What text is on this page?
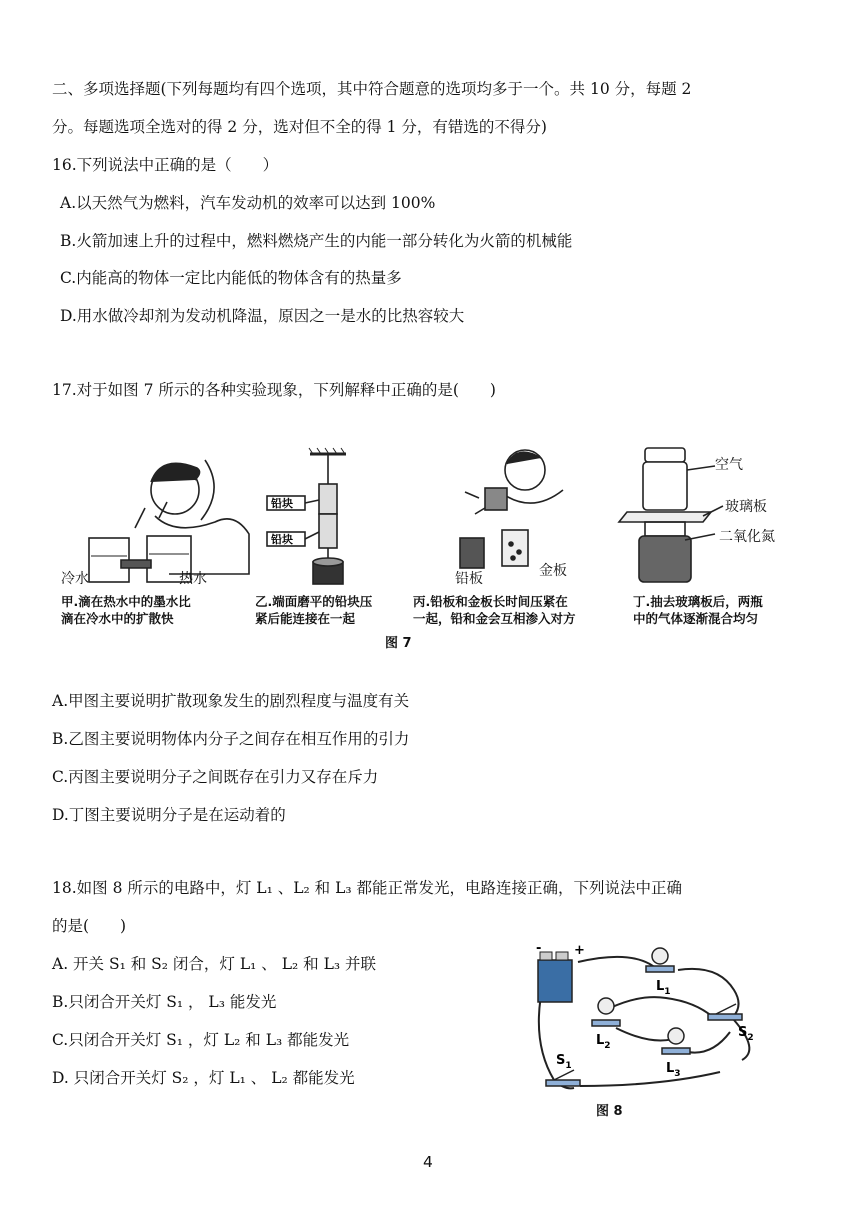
二、多项选择题(下列每题均有四个选项，其中符合题意的选项均多于一个。共 10 分，每题 2
分。每题选项全选对的得 2 分，选对但不全的得 1 分，有错选的不得分)
16.下列说法中正确的是（　　）
A.以天然气为燃料，汽车发动机的效率可以达到 100%
B.火箭加速上升的过程中，燃料燃烧产生的内能一部分转化为火箭的机械能
C.内能高的物体一定比内能低的物体含有的热量多
D.用水做冷却剂为发动机降温，原因之一是水的比热容较大
17.对于如图 7 所示的各种实验现象，下列解释中正确的是(　　)
铅块
铅块
冷水	热水	铅板	金板
空气
玻璃板
二氧化氮
甲.滴在热水中的墨水比
滴在冷水中的扩散快
乙.端面磨平的铅块压
紧后能连接在一起
丙.铅板和金板长时间压紧在
一起，铅和金会互相渗入对方
丁.抽去玻璃板后，两瓶
中的气体逐渐混合均匀
图 7
A.甲图主要说明扩散现象发生的剧烈程度与温度有关
B.乙图主要说明物体内分子之间存在相互作用的引力
C.丙图主要说明分子之间既存在引力又存在斥力
D.丁图主要说明分子是在运动着的
18.如图 8 所示的电路中，灯 L₁ 、L₂ 和 L₃ 都能正常发光，电路连接正确，下列说法中正确
的是(　　)
A. 开关 S₁ 和 S₂ 闭合，灯 L₁ 、 L₂ 和 L₃ 并联
B.只闭合开关灯 S₁ ， L₃ 能发光
C.只闭合开关灯 S₁ ，灯 L₂ 和 L₃ 都能发光
D. 只闭合开关灯 S₂ ，灯 L₁ 、 L₂ 都能发光
+
-
$L_1$
$L_2$
$L_3$
$S_2$
$S_1$
图 8
4
